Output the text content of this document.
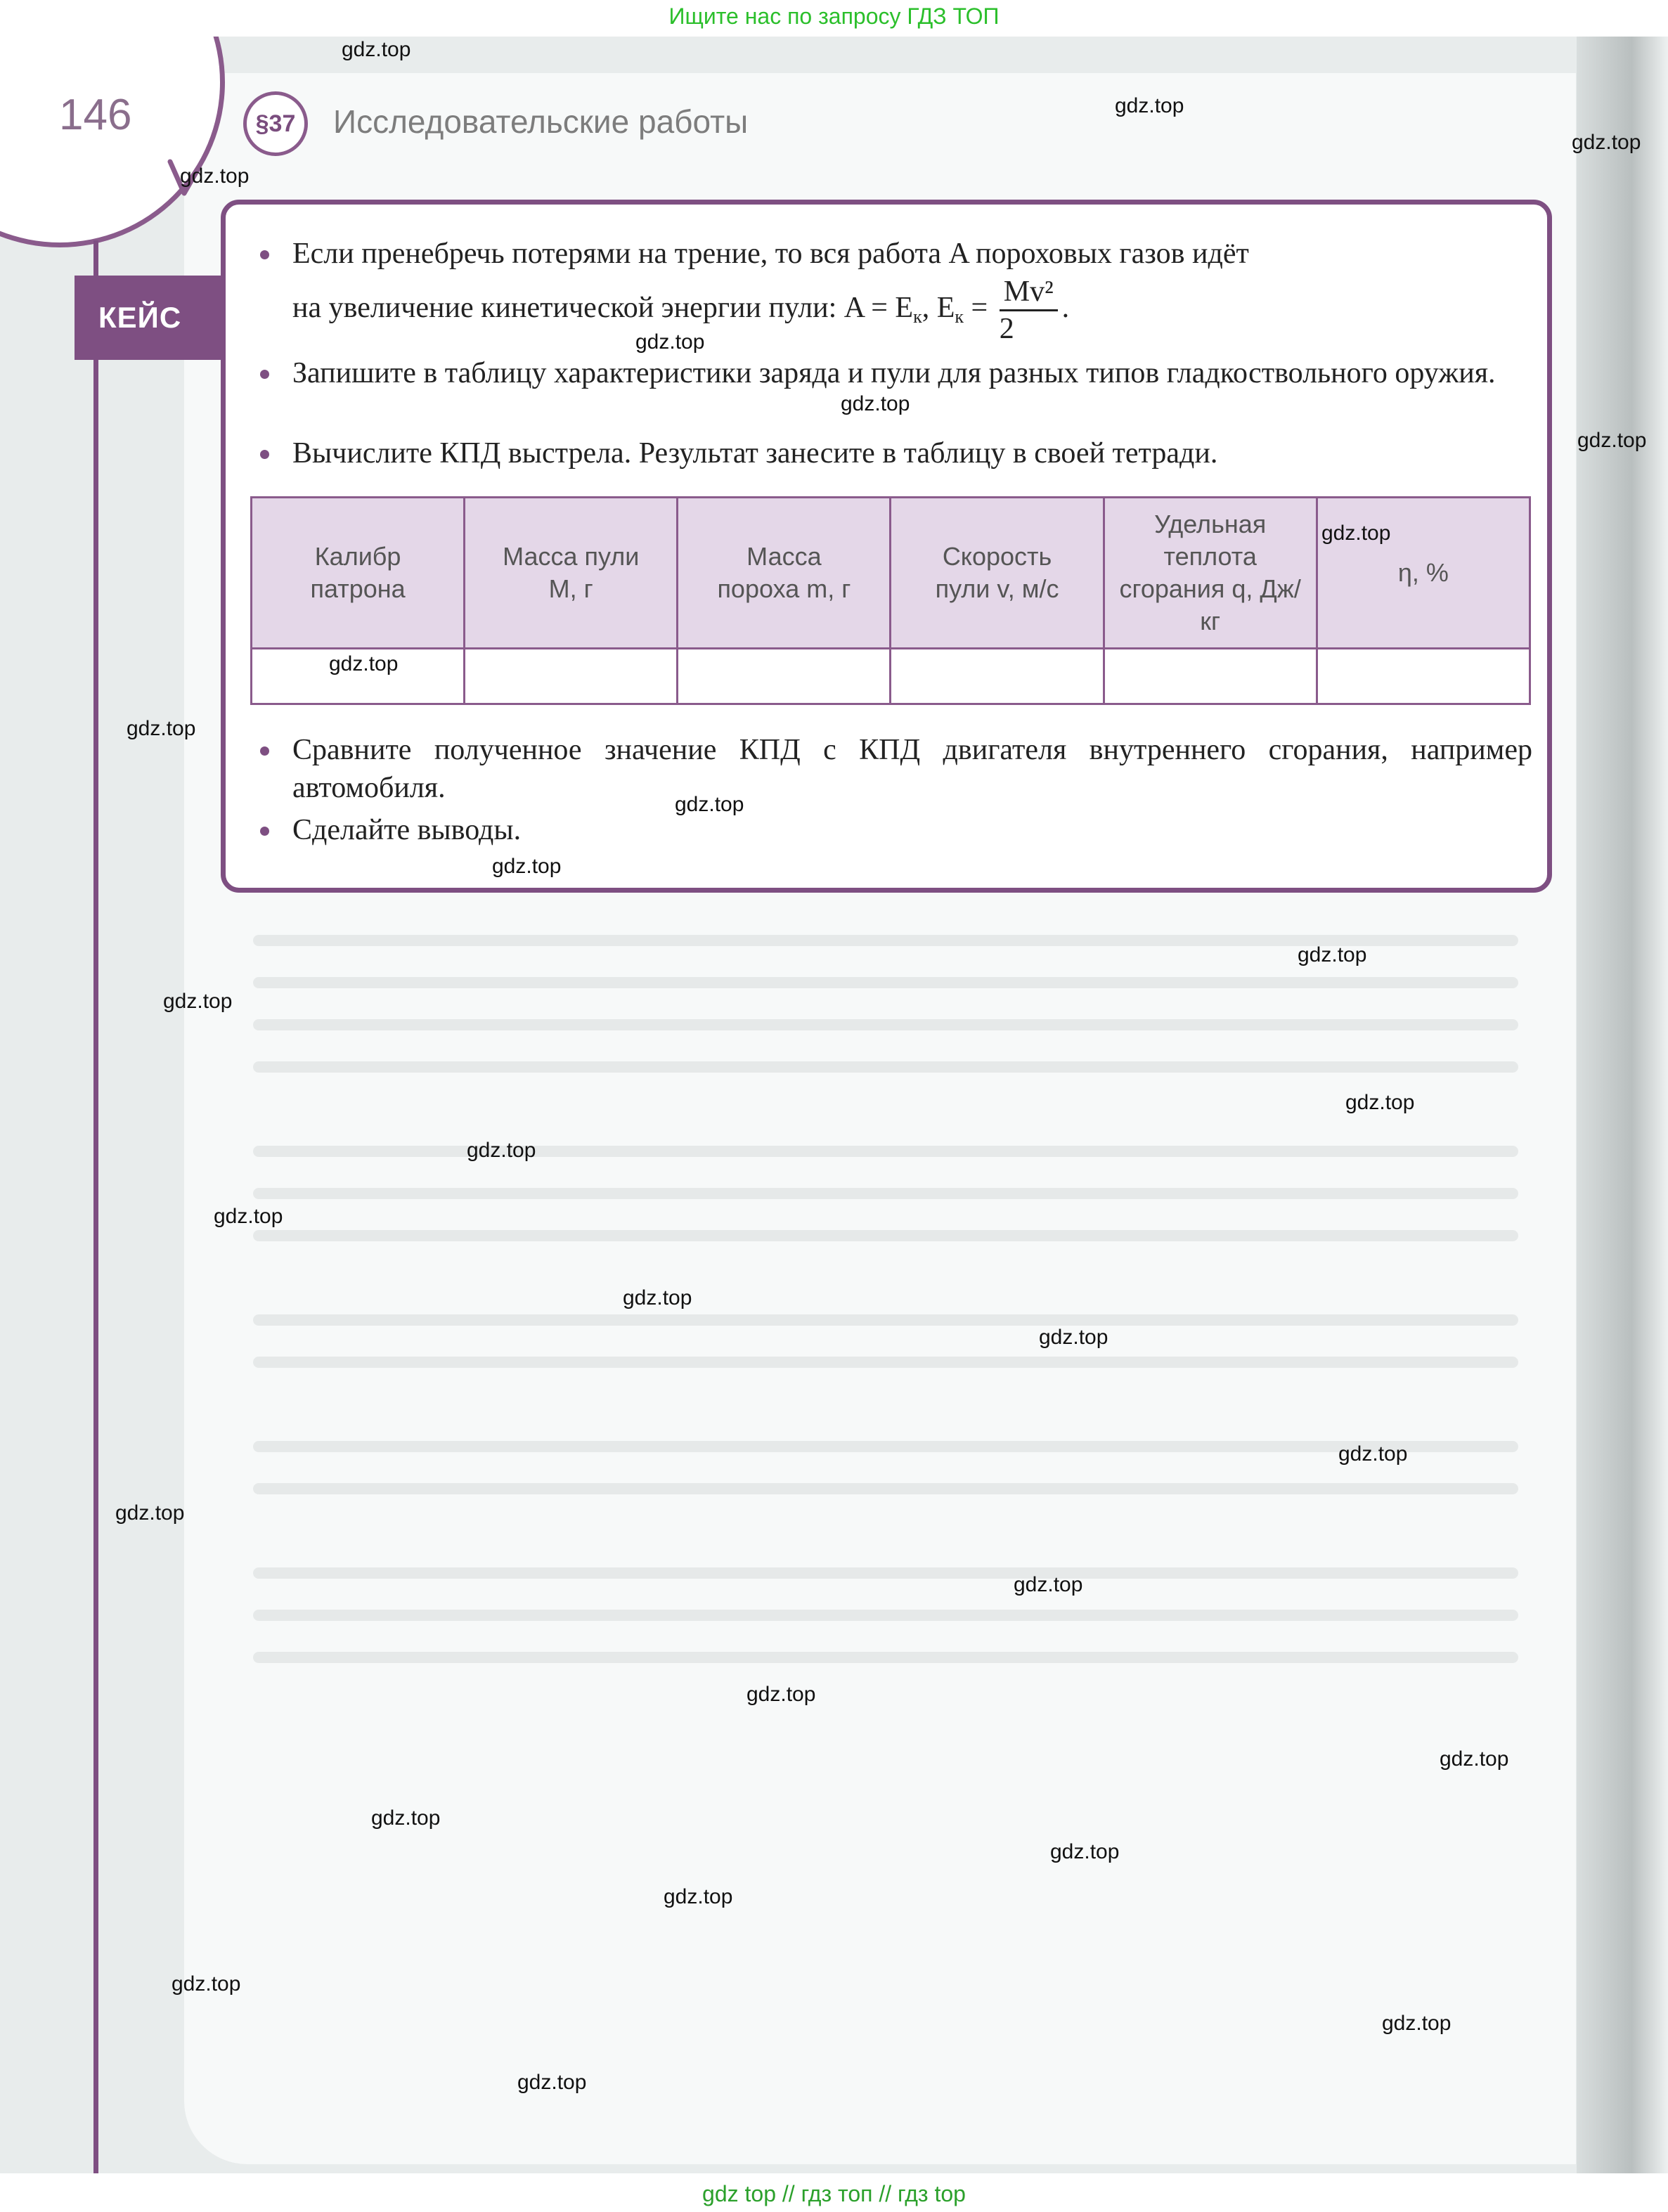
Ищите нас по запросу ГДЗ ТОП
146	§37	Исследовательские работы
КЕЙС
Если пренебречь потерями на трение, то вся работа A пороховых газов идёт
на увеличение кинетической энергии пули: $A = E_к$, $E_к = \frac{\text{Mv²}}{2}$ .
Запишите в таблицу характеристики заряда и пули для разных типов гладкоствольного оружия.
Вычислите КПД выстрела. Результат занесите в таблицу в своей тетради.
Калибр патрона	Масса пули M, г	Масса пороха m, г	Скорость пули v, м/с	Удельная теплота сгорания q, Дж/кг	η, %

Сравните полученное значение КПД с КПД двигателя внутреннего сгорания, например автомобиля.
Сделайте выводы.
gdz.top
gdz.top
gdz.top
gdz.top
gdz.top
gdz.top
gdz.top
gdz.top
gdz.top
gdz.top
gdz.top
gdz.top
gdz.top
gdz.top
gdz.top
gdz.top
gdz.top
gdz.top
gdz.top
gdz.top
gdz.top
gdz.top
gdz.top
gdz.top
gdz.top
gdz.top
gdz.top
gdz.top
gdz.top
gdz.top
gdz top // гдз топ // гдз top
